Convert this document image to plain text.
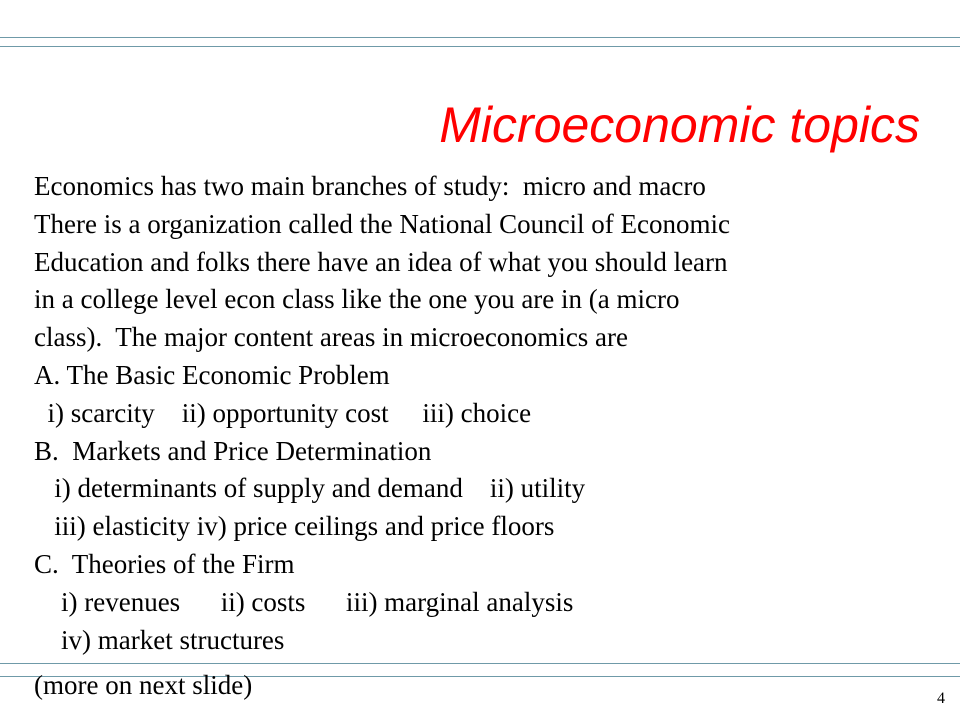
Microeconomic topics
Economics has two main branches of study:  micro and macro
There is a organization called the National Council of Economic
Education and folks there have an idea of what you should learn
in a college level econ class like the one you are in (a micro
class).  The major content areas in microeconomics are
A. The Basic Economic Problem
i) scarcity    ii) opportunity cost     iii) choice
B.  Markets and Price Determination
i) determinants of supply and demand    ii) utility
iii) elasticity iv) price ceilings and price floors
C.  Theories of the Firm
i) revenues      ii) costs      iii) marginal analysis
iv) market structures
(more on next slide)	4
